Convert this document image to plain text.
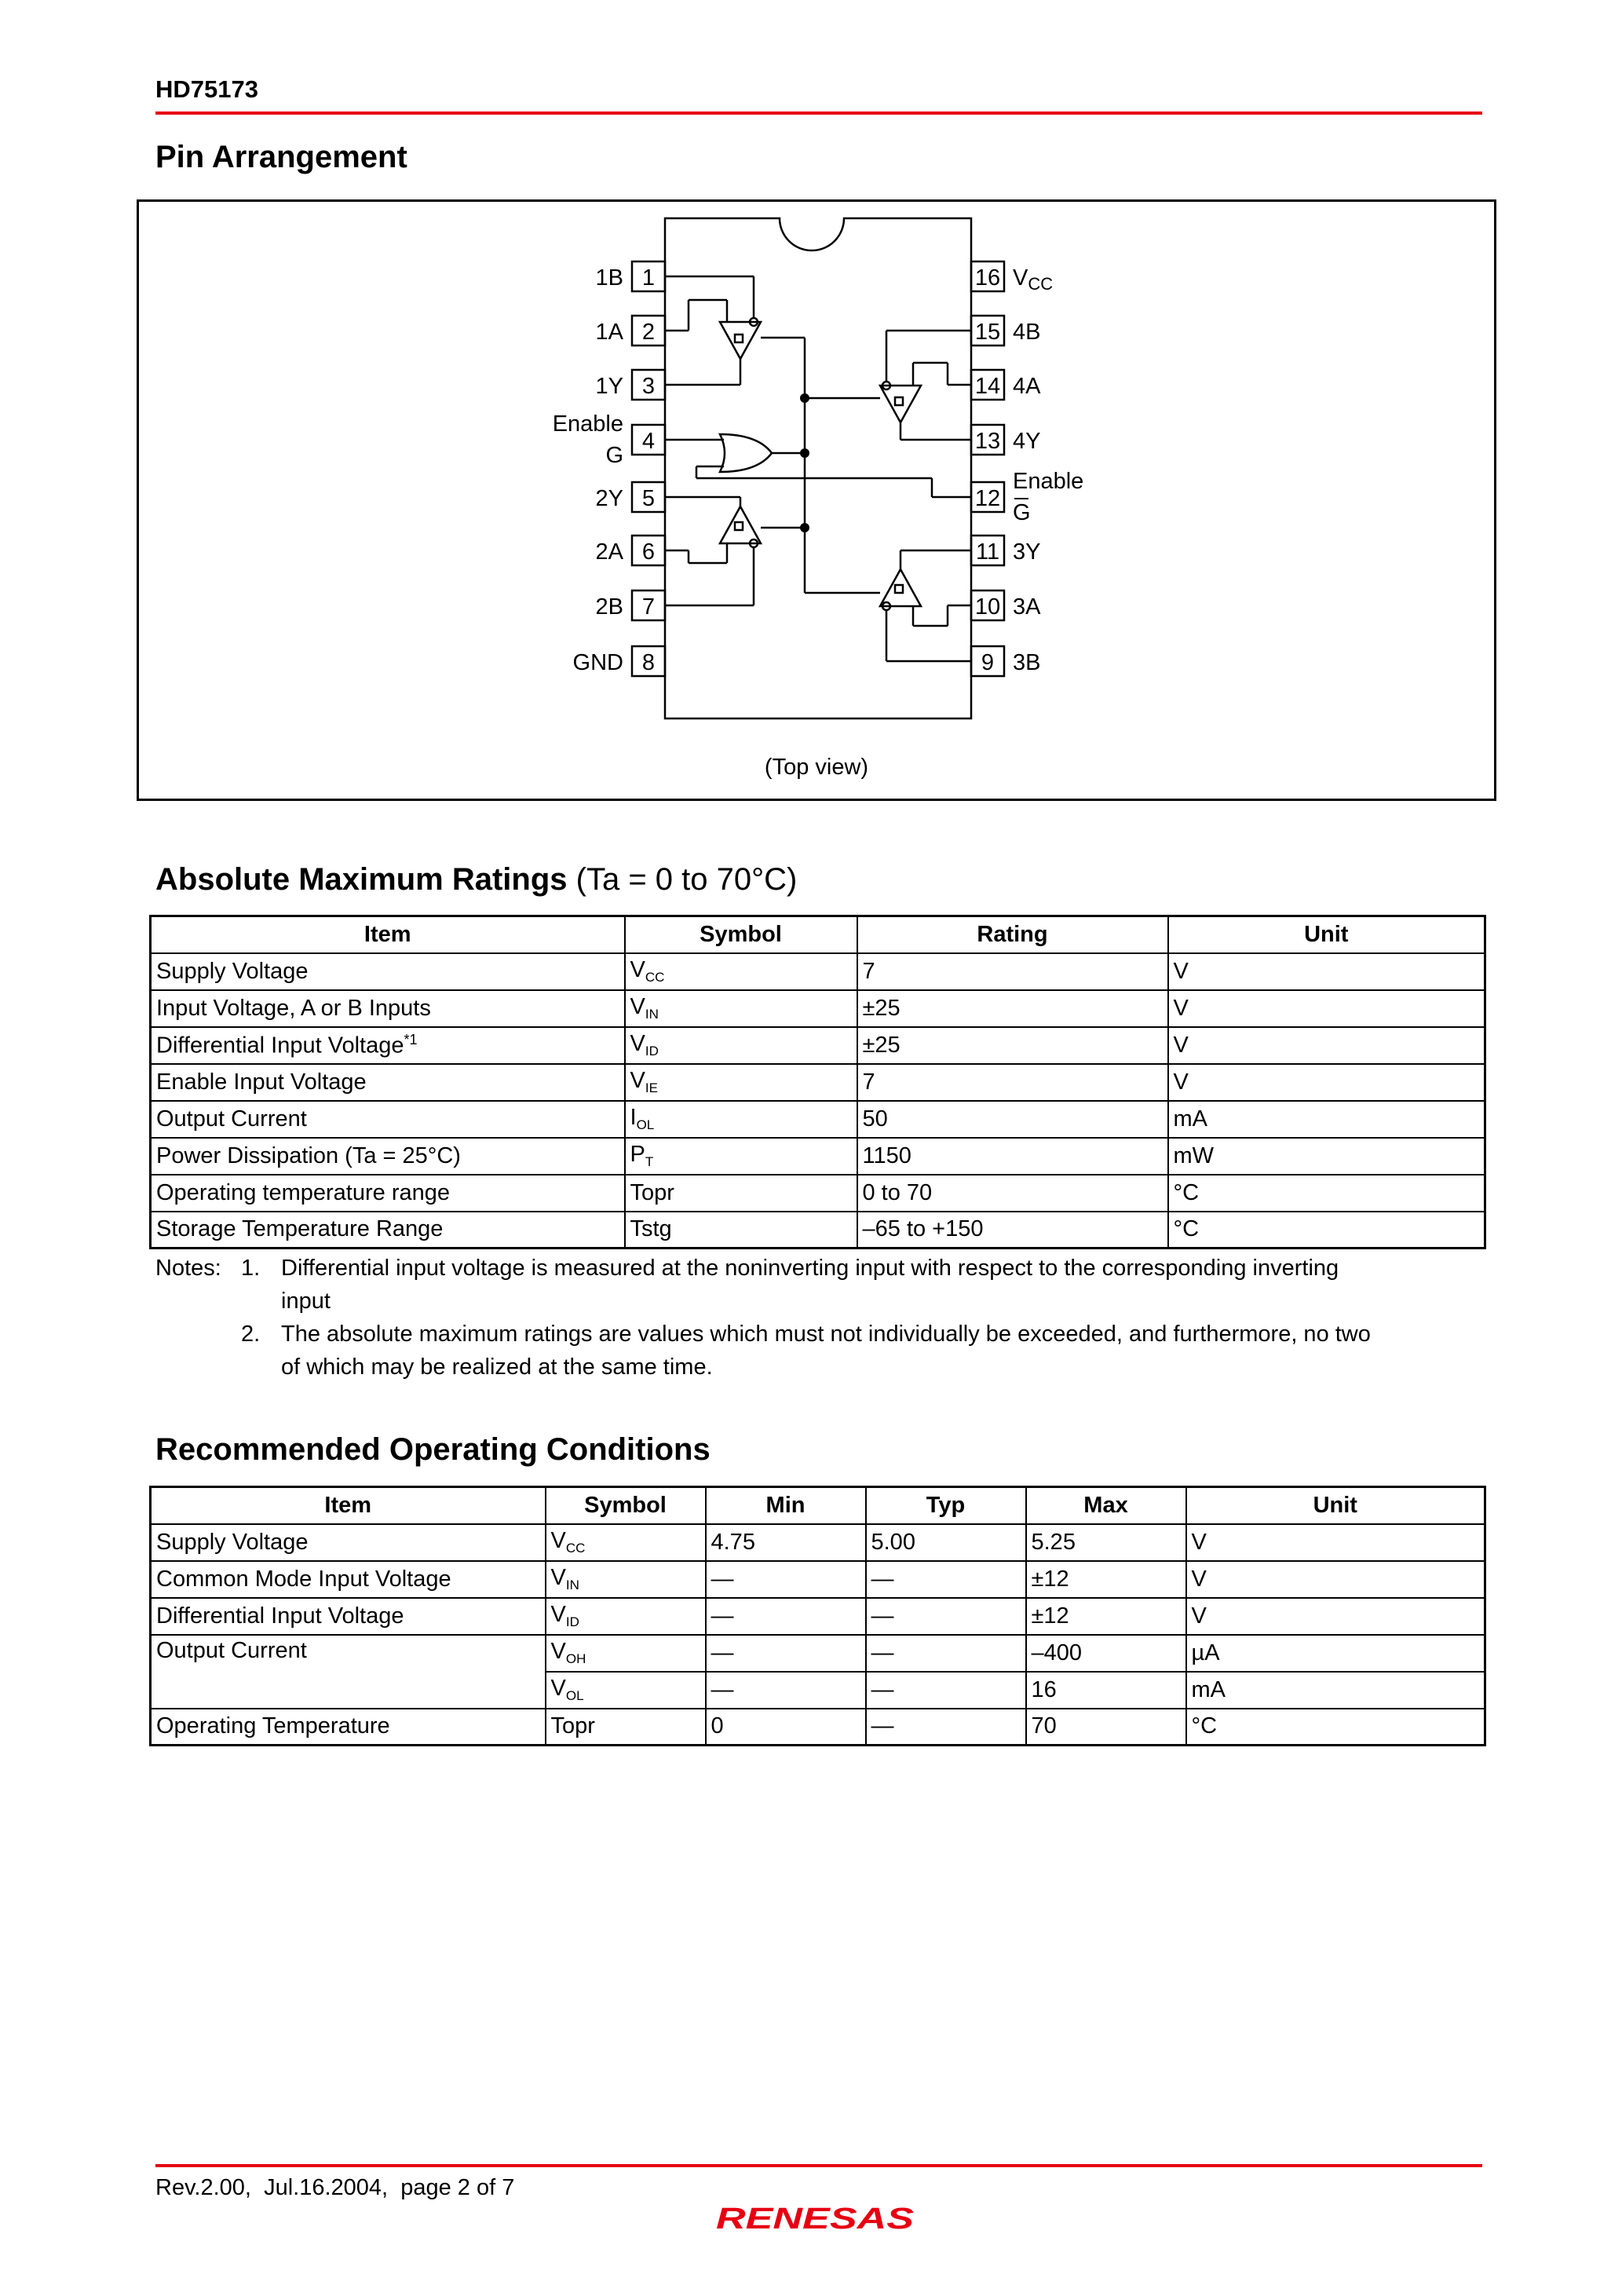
HD75173
Pin Arrangement
1
2
3
4
5
6
7
8
1B
1A
1Y
Enable
G
2Y
2A
2B
GND
16
15
14
13
12
11
10
9
$V_{CC}$
4B
4A
4Y
Enable
G
3Y
3A
3B
(Top view)
Absolute Maximum Ratings (Ta = 0 to 70°C)
Item	Symbol	Rating	Unit
Supply Voltage	$V_{CC}$	7	V
Input Voltage, A or B Inputs	$V_{IN}$	±25	V
Differential Input Voltage$^{*1}$	$V_{ID}$	±25	V
Enable Input Voltage	$V_{IE}$	7	V
Output Current	$I_{OL}$	50	mA
Power Dissipation (Ta = 25°C)	$P_T$	1150	mW
Operating temperature range	Topr	0 to 70	°C
Storage Temperature Range	Tstg	–65 to +150	°C
Notes: 1. Differential input voltage is measured at the noninverting input with respect to the corresponding inverting
input
2. The absolute maximum ratings are values which must not individually be exceeded, and furthermore, no two
of which may be realized at the same time.
Recommended Operating Conditions
Item	Symbol	Min	Typ	Max	Unit
Supply Voltage	$V_{CC}$	4.75	5.00	5.25	V
Common Mode Input Voltage	$V_{IN}$	—	—	±12	V
Differential Input Voltage	$V_{ID}$	—	—	±12	V
Output Current	$V_{OH}$	—	—	–400	µA
	$V_{OL}$	—	—	16	mA
Operating Temperature	Topr	0	—	70	°C
Rev.2.00,  Jul.16.2004,  page 2 of 7
RENESAS
